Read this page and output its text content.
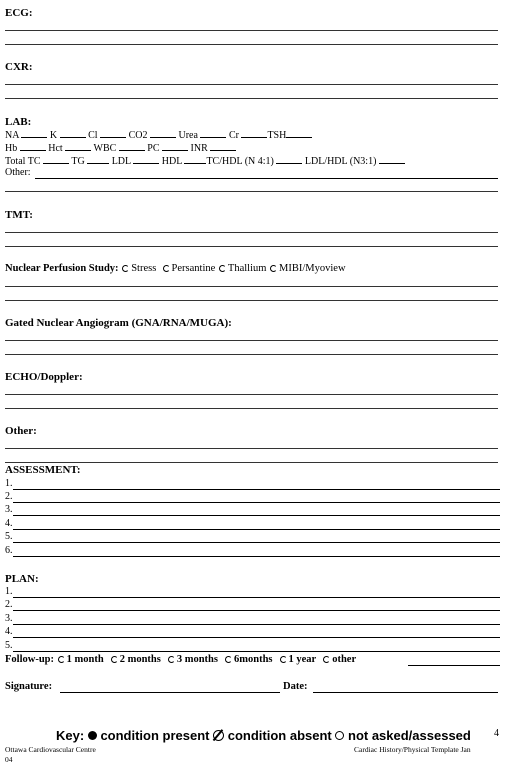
ECG:
CXR:
LAB:
NA	K	Cl	CO2	Urea	Cr	TSH
Hb	Hct	WBC	PC	INR
Total TC	TG	LDL	HDL TC/HDL (N 4:1)	LDL/HDL (N3:1)
Other:
TMT:
Nuclear Perfusion Study: Stress Persantine Thallium MIBI/Myoview
Gated Nuclear Angiogram (GNA/RNA/MUGA):
ECHO/Doppler:
Other:
ASSESSMENT:
1.
2.
3.
4.
5.
6.
PLAN:
1.
2.
3.
4.
5.
Follow-up: 1 month 2 months 3 months 6months 1 year other
Signature:	Date:
Key: condition present condition absent not asked/assessed 4
Ottawa Cardiovascular Centre
04
Cardiac History/Physical Template Jan
